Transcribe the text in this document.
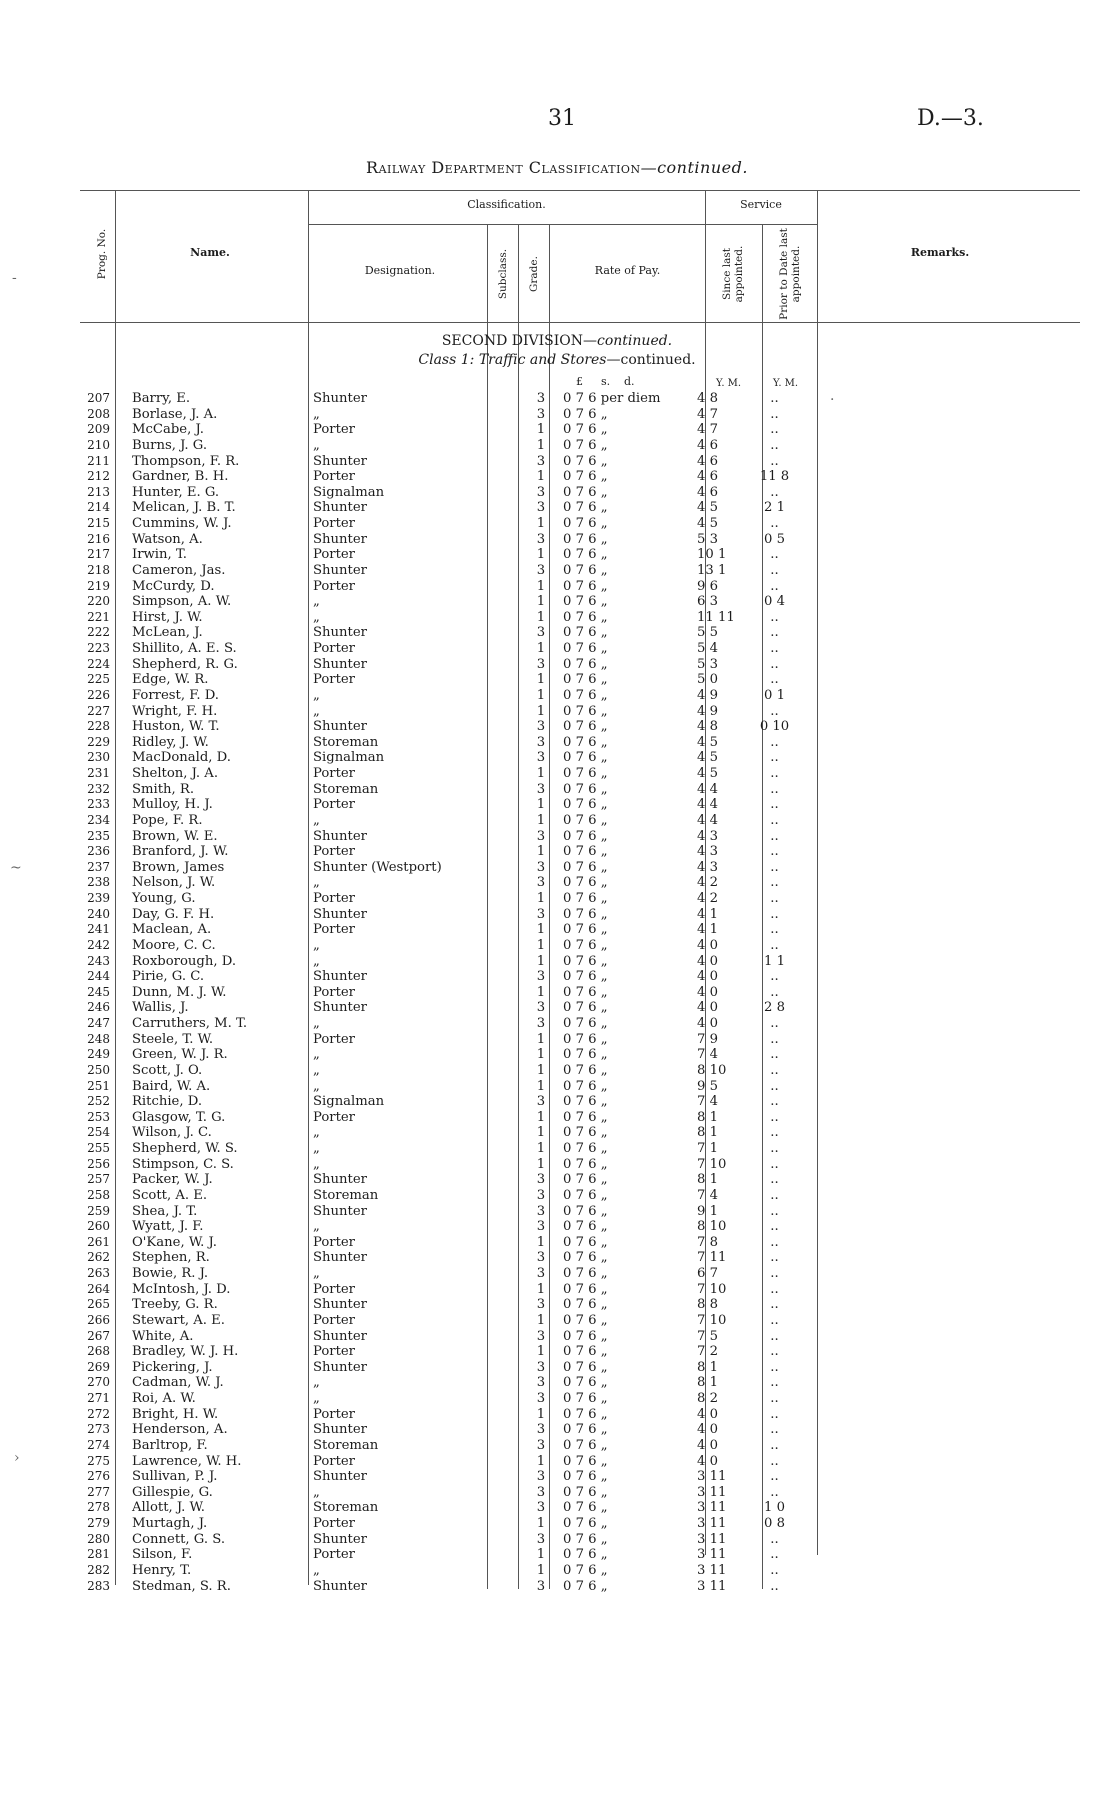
31	D.—3.
Railway Department Classification—continued.
Prog. No.	Name.
Classification.
Designation.	Subclass. Grade.	Rate of Pay.
Service
Since last appointed.	Prior to Date last appointed.	Remarks.
SECOND DIVISION—continued.
Class 1: Traffic and Stores—continued.
£ s. d.	Y. M.	Y. M.
207	Barry, E.	Shunter		3	0 7 6 per diem	4 8	..
208	Borlase, J. A.	„		3	0 7 6 „	4 7	..
209	McCabe, J.	Porter		1	0 7 6 „	4 7	..
210	Burns, J. G.	„		1	0 7 6 „	4 6	..
211	Thompson, F. R.	Shunter		3	0 7 6 „	4 6	..
212	Gardner, B. H.	Porter		1	0 7 6 „	4 6	11 8
213	Hunter, E. G.	Signalman		3	0 7 6 „	4 6	..
214	Melican, J. B. T.	Shunter		3	0 7 6 „	4 5	2 1
215	Cummins, W. J.	Porter		1	0 7 6 „	4 5	..
216	Watson, A.	Shunter		3	0 7 6 „	5 3	0 5
217	Irwin, T.	Porter		1	0 7 6 „	10 1	..
218	Cameron, Jas.	Shunter		3	0 7 6 „	13 1	..
219	McCurdy, D.	Porter		1	0 7 6 „	9 6	..
220	Simpson, A. W.	„		1	0 7 6 „	6 3	0 4
221	Hirst, J. W.	„		1	0 7 6 „	11 11	..
222	McLean, J.	Shunter		3	0 7 6 „	5 5	..
223	Shillito, A. E. S.	Porter		1	0 7 6 „	5 4	..
224	Shepherd, R. G.	Shunter		3	0 7 6 „	5 3	..
225	Edge, W. R.	Porter		1	0 7 6 „	5 0	..
226	Forrest, F. D.	„		1	0 7 6 „	4 9	0 1
227	Wright, F. H.	„		1	0 7 6 „	4 9	..
228	Huston, W. T.	Shunter		3	0 7 6 „	4 8	0 10
229	Ridley, J. W.	Storeman		3	0 7 6 „	4 5	..
230	MacDonald, D.	Signalman		3	0 7 6 „	4 5	..
231	Shelton, J. A.	Porter		1	0 7 6 „	4 5	..
232	Smith, R.	Storeman		3	0 7 6 „	4 4	..
233	Mulloy, H. J.	Porter		1	0 7 6 „	4 4	..
234	Pope, F. R.	„		1	0 7 6 „	4 4	..
235	Brown, W. E.	Shunter		3	0 7 6 „	4 3	..
236	Branford, J. W.	Porter		1	0 7 6 „	4 3	..
237	Brown, James	Shunter (Westport)		3	0 7 6 „	4 3	..
238	Nelson, J. W.	„		3	0 7 6 „	4 2	..
239	Young, G.	Porter		1	0 7 6 „	4 2	..
240	Day, G. F. H.	Shunter		3	0 7 6 „	4 1	..
241	Maclean, A.	Porter		1	0 7 6 „	4 1	..
242	Moore, C. C.	„		1	0 7 6 „	4 0	..
243	Roxborough, D.	„		1	0 7 6 „	4 0	1 1
244	Pirie, G. C.	Shunter		3	0 7 6 „	4 0	..
245	Dunn, M. J. W.	Porter		1	0 7 6 „	4 0	..
246	Wallis, J.	Shunter		3	0 7 6 „	4 0	2 8
247	Carruthers, M. T.	„		3	0 7 6 „	4 0	..
248	Steele, T. W.	Porter		1	0 7 6 „	7 9	..
249	Green, W. J. R.	„		1	0 7 6 „	7 4	..
250	Scott, J. O.	„		1	0 7 6 „	8 10	..
251	Baird, W. A.	„		1	0 7 6 „	9 5	..
252	Ritchie, D.	Signalman		3	0 7 6 „	7 4	..
253	Glasgow, T. G.	Porter		1	0 7 6 „	8 1	..
254	Wilson, J. C.	„		1	0 7 6 „	8 1	..
255	Shepherd, W. S.	„		1	0 7 6 „	7 1	..
256	Stimpson, C. S.	„		1	0 7 6 „	7 10	..
257	Packer, W. J.	Shunter		3	0 7 6 „	8 1	..
258	Scott, A. E.	Storeman		3	0 7 6 „	7 4	..
259	Shea, J. T.	Shunter		3	0 7 6 „	9 1	..
260	Wyatt, J. F.	„		3	0 7 6 „	8 10	..
261	O'Kane, W. J.	Porter		1	0 7 6 „	7 8	..
262	Stephen, R.	Shunter		3	0 7 6 „	7 11	..
263	Bowie, R. J.	„		3	0 7 6 „	6 7	..
264	McIntosh, J. D.	Porter		1	0 7 6 „	7 10	..
265	Treeby, G. R.	Shunter		3	0 7 6 „	8 8	..
266	Stewart, A. E.	Porter		1	0 7 6 „	7 10	..
267	White, A.	Shunter		3	0 7 6 „	7 5	..
268	Bradley, W. J. H.	Porter		1	0 7 6 „	7 2	..
269	Pickering, J.	Shunter		3	0 7 6 „	8 1	..
270	Cadman, W. J.	„		3	0 7 6 „	8 1	..
271	Roi, A. W.	„		3	0 7 6 „	8 2	..
272	Bright, H. W.	Porter		1	0 7 6 „	4 0	..
273	Henderson, A.	Shunter		3	0 7 6 „	4 0	..
274	Barltrop, F.	Storeman		3	0 7 6 „	4 0	..
275	Lawrence, W. H.	Porter		1	0 7 6 „	4 0	..
276	Sullivan, P. J.	Shunter		3	0 7 6 „	3 11	..
277	Gillespie, G.	„		3	0 7 6 „	3 11	..
278	Allott, J. W.	Storeman		3	0 7 6 „	3 11	1 0
279	Murtagh, J.	Porter		1	0 7 6 „	3 11	0 8
280	Connett, G. S.	Shunter		3	0 7 6 „	3 11	..
281	Silson, F.	Porter		1	0 7 6 „	3 11	..
282	Henry, T.	„		1	0 7 6 „	3 11	..
283	Stedman, S. R.	Shunter		3	0 7 6 „	3 11	..
-
~
›
·
